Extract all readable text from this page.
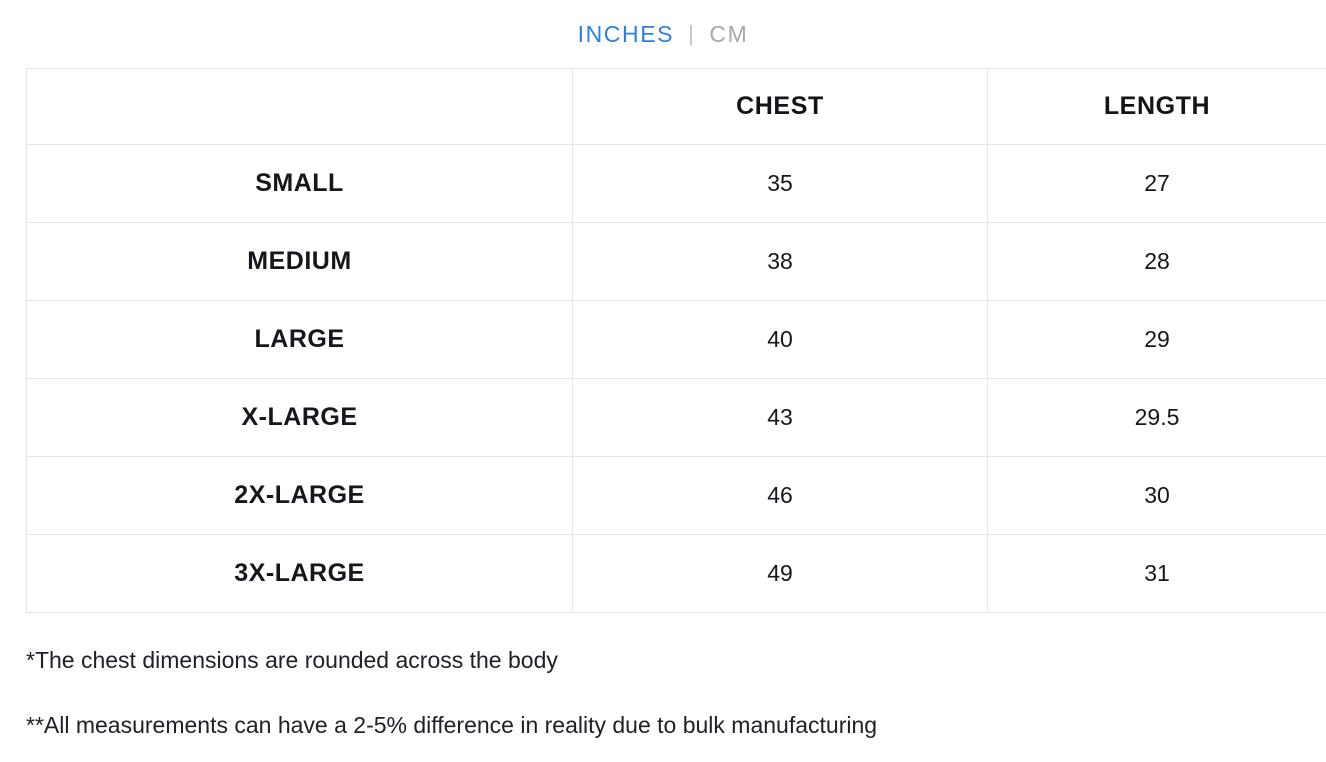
INCHES | CM
	CHEST	LENGTH
SMALL	35	27
MEDIUM	38	28
LARGE	40	29
X-LARGE	43	29.5
2X-LARGE	46	30
3X-LARGE	49	31
*The chest dimensions are rounded across the body
**All measurements can have a 2-5% difference in reality due to bulk manufacturing
